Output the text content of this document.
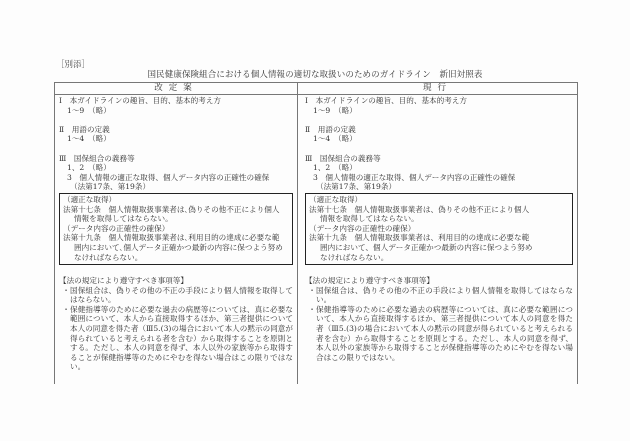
［別添］
国民健康保険組合における個人情報の適切な取扱いのためのガイドライン　新旧対照表
改定案	現行
Ⅰ　本ガイドラインの趣旨、目的、基本的考え方
1～9　（略）
Ⅱ　用語の定義
1～4　（略）
Ⅲ　国保組合の義務等
1、2　（略）
3　個人情報の適正な取得、個人データ内容の正確性の確保
（法第17条、第19条）
（適正な取得）
法第十七条　個人情報取扱事業者は､偽りその他不正により個人
情報を取得してはならない。
（データ内容の正確性の確保）
法第十九条　個人情報取扱事業者は､利用目的の達成に必要な範
囲内において､個人データ正確かつ最新の内容に保つよう努め
なければならない。
【法の規定により遵守すべき事項等】
・ 国保組合は、偽りその他の不正の手段により個人情報を取得してはならない。
・ 保健指導等のために必要な過去の病歴等については、真に必要な範囲について、本人から直接取得するほか、第三者提供について本人の同意を得た者（Ⅲ5.(3)の場合において本人の黙示の同意が得られていると考えられる者を含む）から取得することを原則とする。ただし、本人の同意を得ず、本人以外の家族等から取得することが保健指導等のためにやむを得ない場合はこの限りではない。
Ⅰ　本ガイドラインの趣旨、目的、基本的考え方
1～9　（略）
Ⅱ　用語の定義
1～4　（略）
Ⅲ　国保組合の義務等
1、2　（略）
3　個人情報の適正な取得、個人データ内容の正確性の確保
（法第17条、第19条）
（適正な取得）
法第十七条　個人情報取扱事業者は、偽りその他不正により個人
情報を取得してはならない。
（データ内容の正確性の確保）
法第十九条　個人情報取扱事業者は、利用目的の達成に必要な範
囲内において、個人データ正確かつ最新の内容に保つよう努め
なければならない。
【法の規定により遵守すべき事項等】
・ 国保組合は、偽りその他の不正の手段により個人情報を取得してはならない。
・ 保健指導等のために必要な過去の病歴等については、真に必要な範囲について、本人から直接取得するほか、第三者提供について本人の同意を得た者（Ⅲ5.(3)の場合において本人の黙示の同意が得られていると考えられる者を含む）から取得することを原則とする。ただし、本人の同意を得ず、本人以外の家族等から取得することが保健指導等のためにやむを得ない場合はこの限りではない。
